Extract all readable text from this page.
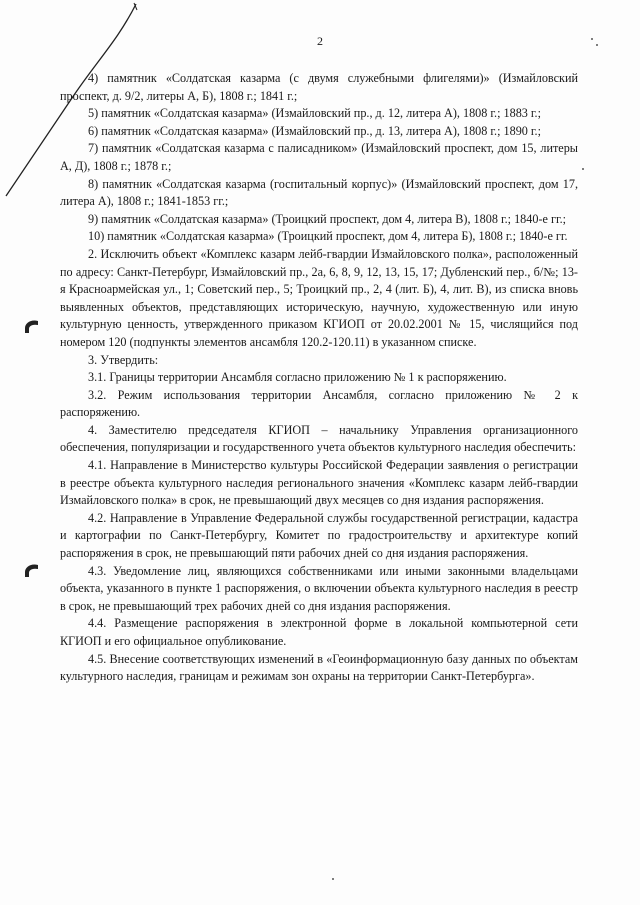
2

4) памятник «Солдатская казарма (с двумя служебными флигелями)» (Измайловский проспект, д. 9/2, литеры А, Б), 1808 г.; 1841 г.;

5) памятник «Солдатская казарма» (Измайловский пр., д. 12, литера А), 1808 г.; 1883 г.;

6) памятник «Солдатская казарма» (Измайловский пр., д. 13, литера А), 1808 г.; 1890 г.;

7) памятник «Солдатская казарма с палисадником» (Измайловский проспект, дом 15, литеры А, Д), 1808 г.; 1878 г.;

8) памятник «Солдатская казарма (госпитальный корпус)» (Измайловский проспект, дом 17, литера А), 1808 г.; 1841-1853 гг.;

9) памятник «Солдатская казарма» (Троицкий проспект, дом 4, литера В), 1808 г.; 1840-е гг.;

10) памятник «Солдатская казарма» (Троицкий проспект, дом 4, литера Б), 1808 г.; 1840-е гг.

2. Исключить объект «Комплекс казарм лейб-гвардии Измайловского полка», расположенный по адресу: Санкт-Петербург, Измайловский пр., 2а, 6, 8, 9, 12, 13, 15, 17; Дубленский пер., б/№; 13-я Красноармейская ул., 1; Советский пер., 5; Троицкий пр., 2, 4 (лит. Б), 4, лит. В), из списка вновь выявленных объектов, представляющих историческую, научную, художественную или иную культурную ценность, утвержденного приказом КГИОП от 20.02.2001 № 15, числящийся под номером 120 (подпункты элементов ансамбля 120.2-120.11) в указанном списке.

3. Утвердить:

3.1. Границы территории Ансамбля согласно приложению № 1 к распоряжению.

3.2. Режим использования территории Ансамбля, согласно приложению № 2 к распоряжению.

4. Заместителю председателя КГИОП – начальнику Управления организационного обеспечения, популяризации и государственного учета объектов культурного наследия обеспечить:

4.1. Направление в Министерство культуры Российской Федерации заявления о регистрации в реестре объекта культурного наследия регионального значения «Комплекс казарм лейб-гвардии Измайловского полка» в срок, не превышающий двух месяцев со дня издания распоряжения.

4.2. Направление в Управление Федеральной службы государственной регистрации, кадастра и картографии по Санкт-Петербургу, Комитет по градостроительству и архитектуре копий распоряжения в срок, не превышающий пяти рабочих дней со дня издания распоряжения.

4.3. Уведомление лиц, являющихся собственниками или иными законными владельцами объекта, указанного в пункте 1 распоряжения, о включении объекта культурного наследия в реестр в срок, не превышающий трех рабочих дней со дня издания распоряжения.

4.4. Размещение распоряжения в электронной форме в локальной компьютерной сети КГИОП и его официальное опубликование.

4.5. Внесение соответствующих изменений в «Геоинформационную базу данных по объектам культурного наследия, границам и режимам зон охраны на территории Санкт-Петербурга».
